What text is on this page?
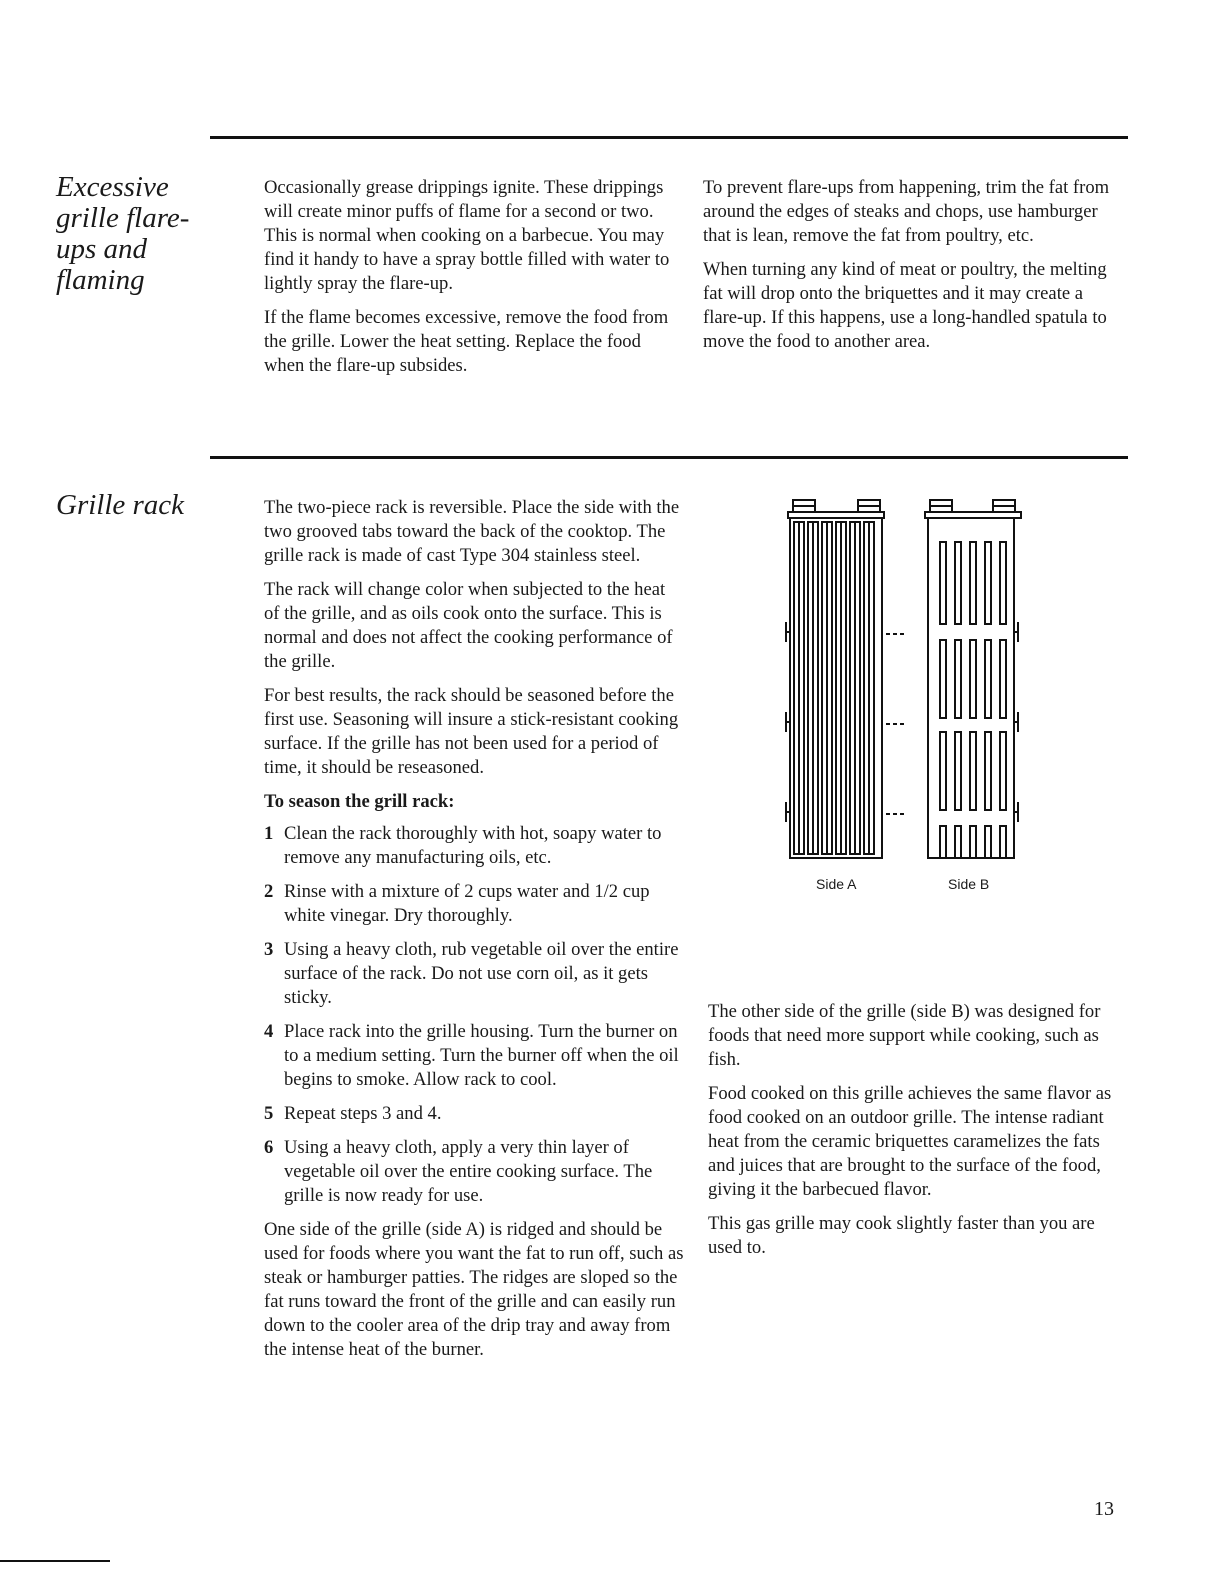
Excessive grille flare-ups and flaming

Occasionally grease drippings ignite. These drippings will create minor puffs of flame for a second or two. This is normal when cooking on a barbecue. You may find it handy to have a spray bottle filled with water to lightly spray the flare-up.

If the flame becomes excessive, remove the food from the grille. Lower the heat setting. Replace the food when the flare-up subsides.

To prevent flare-ups from happening, trim the fat from around the edges of steaks and chops, use hamburger that is lean, remove the fat from poultry, etc.

When turning any kind of meat or poultry, the melting fat will drop onto the briquettes and it may create a flare-up. If this happens, use a long-handled spatula to move the food to another area.

Grille rack	The two-piece rack is reversible. Place the side with the two grooved tabs toward the back of the cooktop. The grille rack is made of cast Type 304 stainless steel.

The rack will change color when subjected to the heat of the grille, and as oils cook onto the surface. This is normal and does not affect the cooking performance of the grille.

For best results, the rack should be seasoned before the first use. Seasoning will insure a stick-resistant cooking surface. If the grille has not been used for a period of time, it should be reseasoned.

To season the grill rack:
1 Clean the rack thoroughly with hot, soapy water to remove any manufacturing oils, etc.
2 Rinse with a mixture of 2 cups water and 1/2 cup white vinegar. Dry thoroughly.
3 Using a heavy cloth, rub vegetable oil over the entire surface of the rack. Do not use corn oil, as it gets sticky.
4 Place rack into the grille housing. Turn the burner on to a medium setting. Turn the burner off when the oil begins to smoke. Allow rack to cool.
5 Repeat steps 3 and 4.
6 Using a heavy cloth, apply a very thin layer of vegetable oil over the entire cooking surface. The grille is now ready for use.

One side of the grille (side A) is ridged and should be used for foods where you want the fat to run off, such as steak or hamburger patties. The ridges are sloped so the fat runs toward the front of the grille and can easily run down to the cooler area of the drip tray and away from the intense heat of the burner.

Side A	Side B

The other side of the grille (side B) was designed for foods that need more support while cooking, such as fish.

Food cooked on this grille achieves the same flavor as food cooked on an outdoor grille. The intense radiant heat from the ceramic briquettes caramelizes the fats and juices that are brought to the surface of the food, giving it the barbecued flavor.

This gas grille may cook slightly faster than you are used to.

13
